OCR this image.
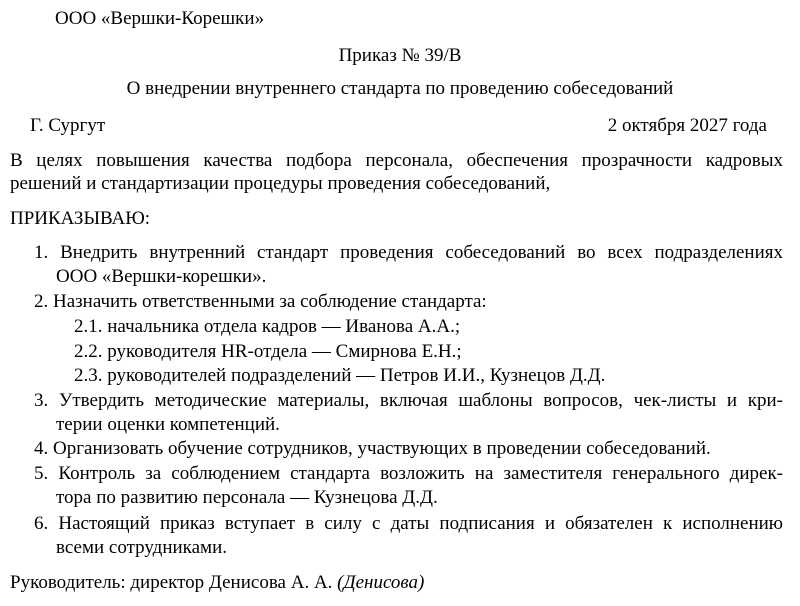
ООО «Вершки-Корешки»
Приказ № 39/В
О внедрении внутреннего стандарта по проведению собеседований
Г. Сургут	2 октября 2027 года
В целях повышения качества подбора персонала, обеспечения прозрачности кадровых
решений и стандартизации процедуры проведения собеседований,
ПРИКАЗЫВАЮ:
1. Внедрить внутренний стандарт проведения собеседований во всех подразделениях
ООО «Вершки-корешки».
2. Назначить ответственными за соблюдение стандарта:
2.1. начальника отдела кадров — Иванова А.А.;
2.2. руководителя HR-отдела — Смирнова Е.Н.;
2.3. руководителей подразделений — Петров И.И., Кузнецов Д.Д.
3. Утвердить методические материалы, включая шаблоны вопросов, чек-листы и кри-
терии оценки компетенций.
4. Организовать обучение сотрудников, участвующих в проведении собеседований.
5. Контроль за соблюдением стандарта возложить на заместителя генерального дирек-
тора по развитию персонала — Кузнецова Д.Д.
6. Настоящий приказ вступает в силу с даты подписания и обязателен к исполнению
всеми сотрудниками.
Руководитель: директор Денисова А. А. (Денисова)
